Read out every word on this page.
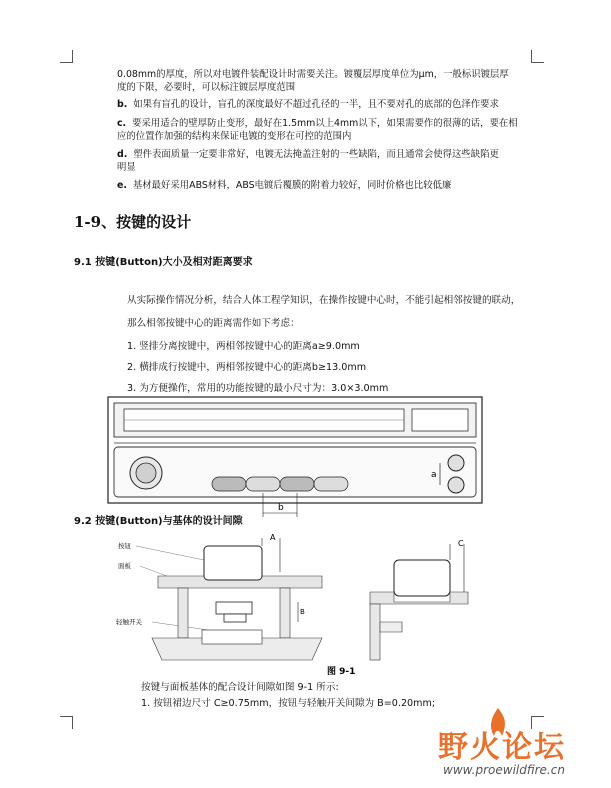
0.08mm的厚度，所以对电镀件装配设计时需要关注。镀覆层厚度单位为μm，一般标识镀层厚
度的下限，必要时，可以标注镀层厚度范围
b. 如果有盲孔的设计，盲孔的深度最好不超过孔径的一半，且不要对孔的底部的色泽作要求
c. 要采用适合的壁厚防止变形，最好在1.5mm以上4mm以下，如果需要作的很薄的话，要在相
应的位置作加强的结构来保证电镀的变形在可控的范围内
d. 塑件表面质量一定要非常好，电镀无法掩盖注射的一些缺陷，而且通常会使得这些缺陷更
明显
e. 基材最好采用ABS材料，ABS电镀后覆膜的附着力较好，同时价格也比较低廉
1-9、按键的设计
9.1 按键(Button)大小及相对距离要求
从实际操作情况分析，结合人体工程学知识，在操作按键中心时，不能引起相邻按键的联动，
那么相邻按键中心的距离需作如下考虑：
1. 竖排分离按键中，两相邻按键中心的距离a≥9.0mm
2. 横排成行按键中，两相邻按键中心的距离b≥13.0mm
3. 为方便操作，常用的功能按键的最小尺寸为：3.0×3.0mm
a
b
9.2 按键(Button)与基体的设计间隙
按钮
面板
轻触开关
A
B
C
图 9-1
按键与面板基体的配合设计间隙如图 9-1 所示:
1. 按钮裙边尺寸 C≥0.75mm，按钮与轻触开关间隙为 B=0.20mm;
野火论坛
www.proewildfire.cn
